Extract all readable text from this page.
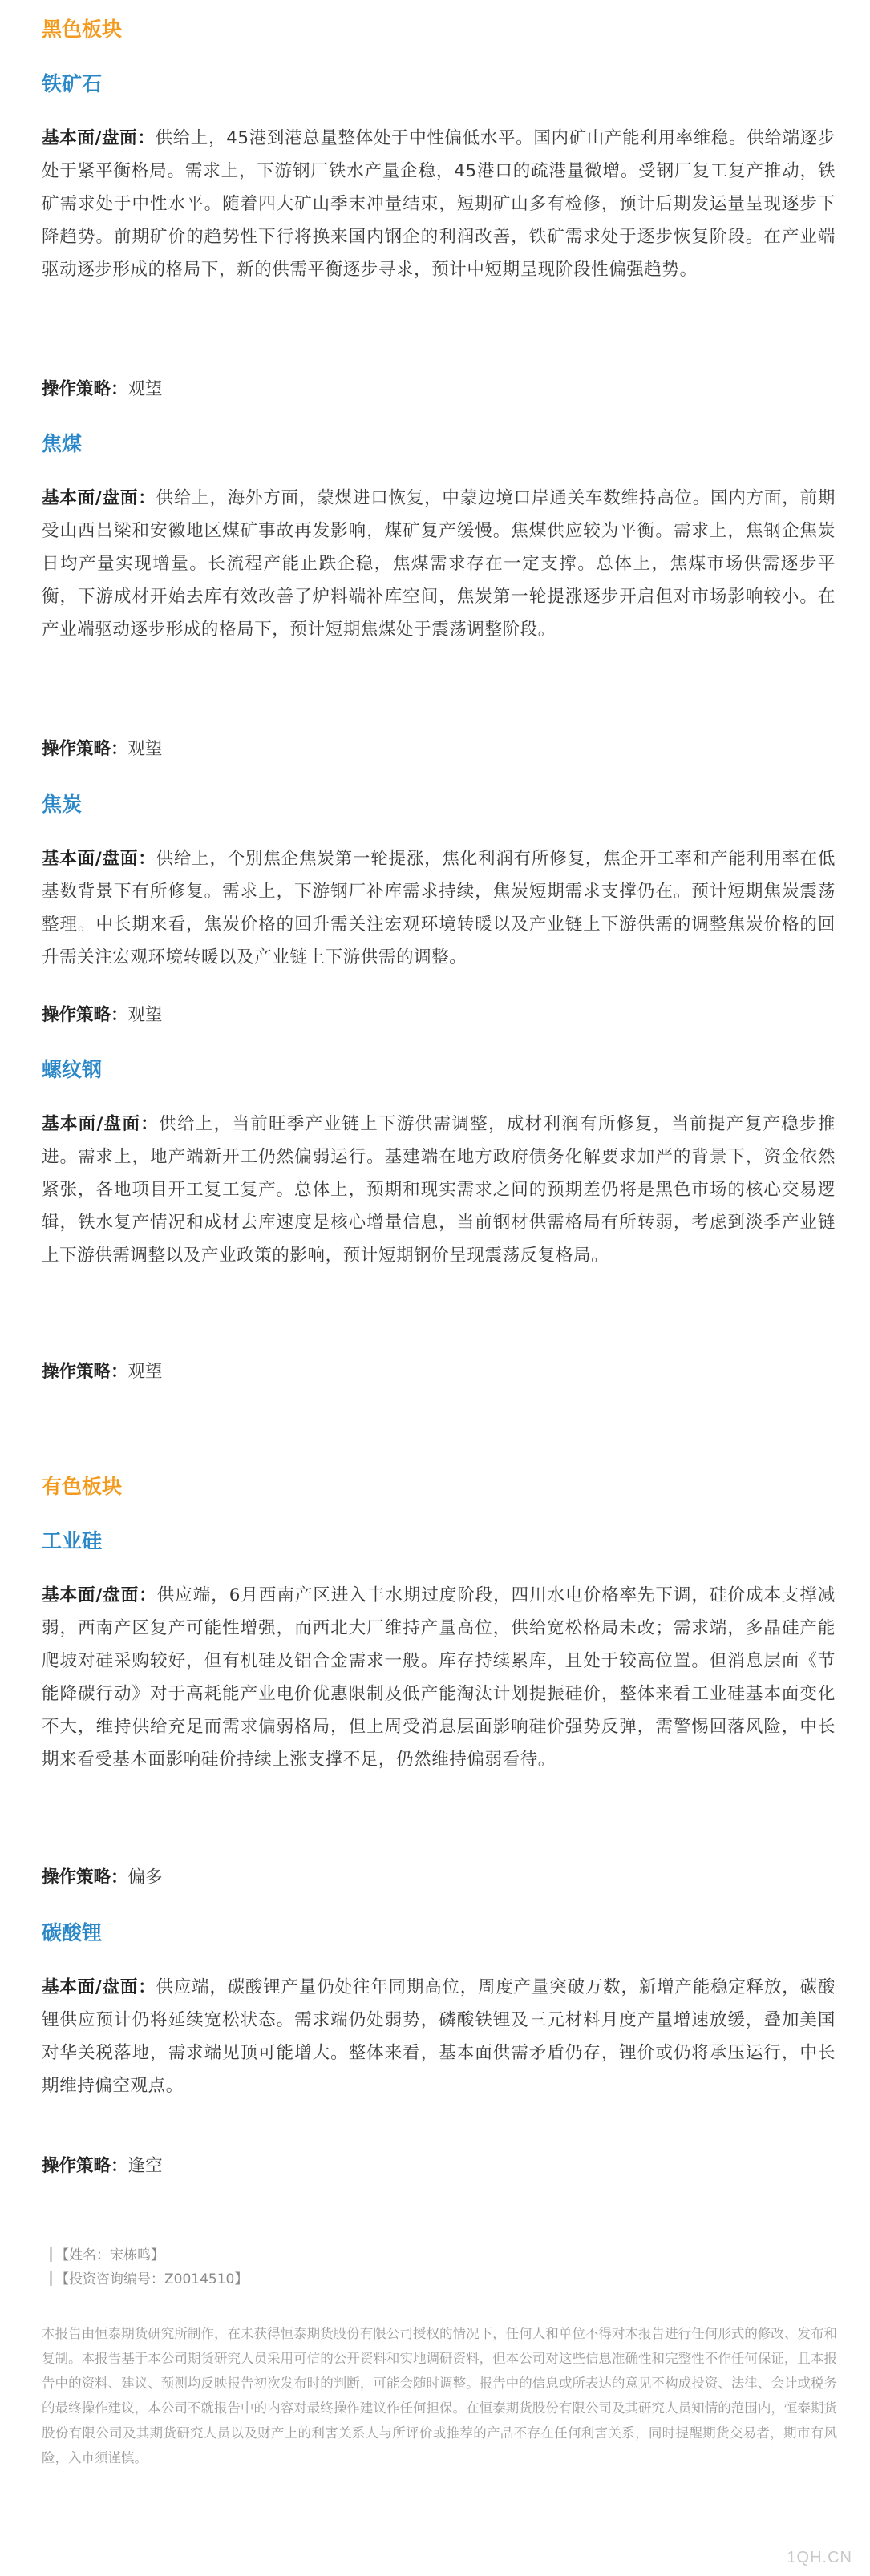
黑色板块
铁矿石
基本面/盘面：供给上，45港到港总量整体处于中性偏低水平。国内矿山产能利用率维稳。供给端逐步处于紧平衡格局。需求上，下游钢厂铁水产量企稳，45港口的疏港量微增。受钢厂复工复产推动，铁矿需求处于中性水平。随着四大矿山季末冲量结束，短期矿山多有检修，预计后期发运量呈现逐步下降趋势。前期矿价的趋势性下行将换来国内钢企的利润改善，铁矿需求处于逐步恢复阶段。在产业端驱动逐步形成的格局下，新的供需平衡逐步寻求，预计中短期呈现阶段性偏强趋势。
操作策略：观望
焦煤
基本面/盘面：供给上，海外方面，蒙煤进口恢复，中蒙边境口岸通关车数维持高位。国内方面，前期受山西吕梁和安徽地区煤矿事故再发影响，煤矿复产缓慢。焦煤供应较为平衡。需求上，焦钢企焦炭日均产量实现增量。长流程产能止跌企稳，焦煤需求存在一定支撑。总体上，焦煤市场供需逐步平衡，下游成材开始去库有效改善了炉料端补库空间，焦炭第一轮提涨逐步开启但对市场影响较小。在产业端驱动逐步形成的格局下，预计短期焦煤处于震荡调整阶段。
操作策略：观望
焦炭
基本面/盘面：供给上，个别焦企焦炭第一轮提涨，焦化利润有所修复，焦企开工率和产能利用率在低基数背景下有所修复。需求上，下游钢厂补库需求持续，焦炭短期需求支撑仍在。预计短期焦炭震荡整理。中长期来看，焦炭价格的回升需关注宏观环境转暖以及产业链上下游供需的调整焦炭价格的回升需关注宏观环境转暖以及产业链上下游供需的调整。
操作策略：观望
螺纹钢
基本面/盘面：供给上，当前旺季产业链上下游供需调整，成材利润有所修复，当前提产复产稳步推进。需求上，地产端新开工仍然偏弱运行。基建端在地方政府债务化解要求加严的背景下，资金依然紧张，各地项目开工复工复产。总体上，预期和现实需求之间的预期差仍将是黑色市场的核心交易逻辑，铁水复产情况和成材去库速度是核心增量信息，当前钢材供需格局有所转弱，考虑到淡季产业链上下游供需调整以及产业政策的影响，预计短期钢价呈现震荡反复格局。
操作策略：观望
有色板块
工业硅
基本面/盘面：供应端，6月西南产区进入丰水期过度阶段，四川水电价格率先下调，硅价成本支撑减弱，西南产区复产可能性增强，而西北大厂维持产量高位，供给宽松格局未改；需求端，多晶硅产能爬坡对硅采购较好，但有机硅及铝合金需求一般。库存持续累库，且处于较高位置。但消息层面《节能降碳行动》对于高耗能产业电价优惠限制及低产能淘汰计划提振硅价，整体来看工业硅基本面变化不大，维持供给充足而需求偏弱格局，但上周受消息层面影响硅价强势反弹，需警惕回落风险，中长期来看受基本面影响硅价持续上涨支撑不足，仍然维持偏弱看待。
操作策略：偏多
碳酸锂
基本面/盘面：供应端，碳酸锂产量仍处往年同期高位，周度产量突破万数，新增产能稳定释放，碳酸锂供应预计仍将延续宽松状态。需求端仍处弱势，磷酸铁锂及三元材料月度产量增速放缓，叠加美国对华关税落地，需求端见顶可能增大。整体来看，基本面供需矛盾仍存，锂价或仍将承压运行，中长期维持偏空观点。
操作策略：逢空
【姓名：宋栋鸣】
【投资咨询编号：Z0014510】
本报告由恒泰期货研究所制作，在未获得恒泰期货股份有限公司授权的情况下，任何人和单位不得对本报告进行任何形式的修改、发布和复制。本报告基于本公司期货研究人员采用可信的公开资料和实地调研资料，但本公司对这些信息准确性和完整性不作任何保证，且本报告中的资料、建议、预测均反映报告初次发布时的判断，可能会随时调整。报告中的信息或所表达的意见不构成投资、法律、会计或税务的最终操作建议，本公司不就报告中的内容对最终操作建议作任何担保。在恒泰期货股份有限公司及其研究人员知情的范围内，恒泰期货股份有限公司及其期货研究人员以及财产上的利害关系人与所评价或推荐的产品不存在任何利害关系，同时提醒期货交易者，期市有风险，入市须谨慎。
1QH.CN
